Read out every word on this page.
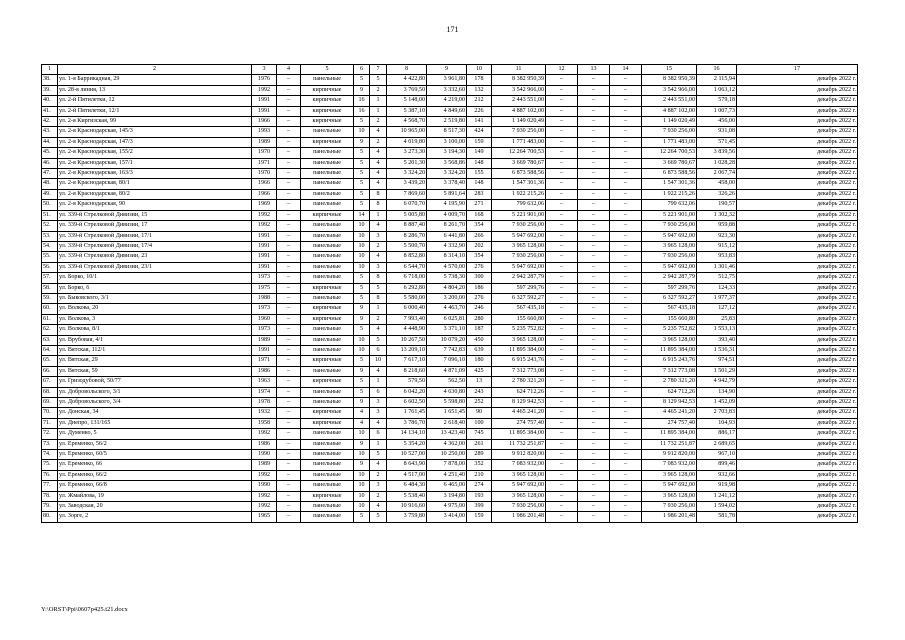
171
1	2	3	4	5	6	7	8	9	10	11	12	13	14	15	16	17
38.	ул. 1-я Баррикадная, 29	1976	–	панельные	5	5	4 422,80	3 961,80	178	8 382 950,39	–	–	–	8 382 950,39	2 115,94	декабрь 2022 г.
39.	ул. 28-я линия, 13	1992	–	кирпичные	9	2	3 769,50	3 332,60	132	3 542 966,00	–	–	–	3 542 966,00	1 063,12	декабрь 2022 г.
40.	ул. 2-й Пятилетки, 12	1991	–	кирпичные	16	1	5 148,00	4 219,00	212	2 443 551,00	–	–	–	2 443 551,00	579,18	декабрь 2022 г.
41.	ул. 2-й Пятилетки, 12/1	1991	–	кирпичные	16	1	5 387,10	4 849,60	226	4 887 102,00	–	–	–	4 887 102,00	1 007,73	декабрь 2022 г.
42.	ул. 2-я Киргизская, 99	1966	–	кирпичные	5	2	4 568,70	2 519,80	141	1 149 020,49	–	–	–	1 149 020,49	456,00	декабрь 2022 г.
43.	ул. 2-я Краснодарская, 145/3	1993	–	панельные	10	4	10 965,00	8 517,30	424	7 930 256,00	–	–	–	7 930 256,00	931,08	декабрь 2022 г.
44.	ул. 2-я Краснодарская, 147/3	1989	–	кирпичные	9	2	4 019,80	3 100,00	159	1 771 483,00	–	–	–	1 771 483,00	571,45	декабрь 2022 г.
45.	ул. 2-я Краснодарская, 155/2	1970	–	панельные	5	4	3 273,30	3 194,30	149	12 264 700,53	–	–	–	12 264 700,53	3 839,56	декабрь 2022 г.
46.	ул. 2-я Краснодарская, 157/1	1971	–	панельные	5	4	5 201,30	3 568,86	148	3 669 780,67	–	–	–	3 669 780,67	1 028,28	декабрь 2022 г.
47.	ул. 2-я Краснодарская, 163/3	1970	–	панельные	5	4	3 324,20	3 324,20	155	6 873 588,56	–	–	–	6 873 588,56	2 067,74	декабрь 2022 г.
48.	ул. 2-я Краснодарская, 80/1	1966	–	панельные	5	4	3 439,20	3 378,40	148	1 547 301,36	–	–	–	1 547 301,36	458,00	декабрь 2022 г.
49.	ул. 2-я Краснодарская, 80/2	1966	–	панельные	5	8	7 869,60	5 891,64	283	1 922 215,26	–	–	–	1 922 215,26	326,26	декабрь 2022 г.
50.	ул. 2-я Краснодарская, 90	1969	–	панельные	5	8	6 070,70	4 195,90	271	799 632,06	–	–	–	799 632,06	190,57	декабрь 2022 г.
51.	ул. 339-й Стрелковой Дивизии, 15	1992	–	кирпичные	14	1	5 005,80	4 009,70	168	5 221 901,00	–	–	–	5 221 901,00	1 302,32	декабрь 2022 г.
52.	ул. 339-й Стрелковой Дивизии, 17	1992	–	панельные	10	4	8 887,40	8 261,70	354	7 930 256,00	–	–	–	7 930 256,00	959,88	декабрь 2022 г.
53.	ул. 339-й Стрелковой Дивизии, 17/1	1991	–	панельные	10	3	8 286,70	6 441,80	266	5 947 692,00	–	–	–	5 947 692,00	923,30	декабрь 2022 г.
54.	ул. 339-й Стрелковой Дивизии, 17/4	1991	–	панельные	10	2	5 500,70	4 332,90	202	3 965 128,00	–	–	–	3 965 128,00	915,12	декабрь 2022 г.
55.	ул. 339-й Стрелковой Дивизии, 23	1991	–	панельные	10	4	8 852,80	8 314,10	354	7 930 256,00	–	–	–	7 930 256,00	953,83	декабрь 2022 г.
56.	ул. 339-й Стрелковой Дивизии, 23/1	1991	–	панельные	10	3	6 544,70	4 570,00	276	5 947 692,00	–	–	–	5 947 692,00	1 301,46	декабрь 2022 г.
57.	ул. Борко, 10/1	1973	–	панельные	5	8	6 718,00	5 738,30	300	2 942 287,79	–	–	–	2 942 287,79	512,75	декабрь 2022 г.
58.	ул. Борко, 6	1975	–	кирпичные	5	5	6 292,80	4 804,20	186	597 299,76	–	–	–	597 299,76	124,33	декабрь 2022 г.
59.	ул. Быковского, 3/1	1988	–	панельные	5	8	5 580,00	3 200,00	276	6 327 592,27	–	–	–	6 327 592,27	1 977,37	декабрь 2022 г.
60.	ул. Волкова, 20	1973	–	кирпичные	9	1	6 000,40	4 463,70	246	567 435,18	–	–	–	567 435,18	127,12	декабрь 2022 г.
61.	ул. Волкова, 3	1960	–	кирпичные	9	2	7 993,40	6 025,81	280	155 660,80	–	–	–	155 660,80	25,83	декабрь 2022 г.
62.	ул. Волкова, 8/1	1973	–	панельные	5	4	4 448,90	3 371,10	187	5 235 752,82	–	–	–	5 235 752,82	1 553,13	декабрь 2022 г.
63.	ул. Врубовая, 4/1	1989	–	панельные	10	5	10 267,50	10 079,20	450	3 965 128,00	–	–	–	3 965 128,00	393,40	декабрь 2022 г.
64.	ул. Вятская, 112/1	1991	–	панельные	10	6	13 209,10	7 742,83	639	11 895 384,00	–	–	–	11 895 384,00	1 536,31	декабрь 2022 г.
65.	ул. Вятская, 29	1971	–	кирпичные	5	10	7 617,10	7 096,10	180	6 915 243,76	–	–	–	6 915 243,76	974,51	декабрь 2022 г.
66.	ул. Вятская, 59	1986	–	панельные	9	4	8 218,60	4 871,09	425	7 312 773,08	–	–	–	7 312 773,08	1 501,29	декабрь 2022 г.
67.	ул. Гризодубовой, 50/77	1963	–	кирпичные	5	1	579,50	562,50	13	2 780 321,20	–	–	–	2 780 321,20	4 942,79	декабрь 2022 г.
68.	ул. Добровольского, 3/1	1974	–	панельные	5	6	6 042,20	4 630,80	243	624 712,26	–	–	–	624 712,26	134,90	декабрь 2022 г.
69.	ул. Добровольского, 3/4	1978	–	панельные	9	3	6 602,50	5 598,80	252	8 129 942,53	–	–	–	8 129 942,53	1 452,09	декабрь 2022 г.
70.	ул. Донская, 34	1932	–	кирпичные	4	3	1 761,45	1 651,45	90	4 465 241,20	–	–	–	4 465 241,20	2 703,83	декабрь 2022 г.
71.	ул. Днепро, 131/165	1958	–	кирпичные	4	4	3 786,70	2 618,40	100	274 757,40	–	–	–	274 757,40	104,93	декабрь 2022 г.
72.	ул. Думенко, 5	1992	–	панельные	10	6	14 134,10	13 423,40	745	11 895 384,00	–	–	–	11 895 384,00	886,17	декабрь 2022 г.
73.	ул. Еременко, 56/2	1986	–	панельные	9	1	5 354,20	4 362,00	261	11 732 251,87	–	–	–	11 732 251,87	2 689,65	декабрь 2022 г.
74.	ул. Еременко, 60/5	1990	–	панельные	10	5	10 527,00	10 250,00	289	9 912 820,00	–	–	–	9 912 820,00	967,10	декабрь 2022 г.
75.	ул. Еременко, 66	1989	–	панельные	9	4	8 643,90	7 878,00	352	7 083 932,00	–	–	–	7 083 932,00	899,46	декабрь 2022 г.
76.	ул. Еременко, 66/2	1992	–	панельные	10	2	4 517,00	4 251,40	210	3 965 128,00	–	–	–	3 965 128,00	932,66	декабрь 2022 г.
77.	ул. Еременко, 66/8	1990	–	панельные	10	3	6 484,30	6 465,00	274	5 947 692,00	–	–	–	5 947 692,00	919,98	декабрь 2022 г.
78.	ул. Жмайлова, 19	1992	–	кирпичные	10	2	5 538,40	3 194,80	193	3 965 128,00	–	–	–	3 965 128,00	1 241,12	декабрь 2022 г.
79.	ул. Заводская, 20	1992	–	панельные	10	4	10 916,60	4 975,00	399	7 930 256,00	–	–	–	7 930 256,00	1 594,02	декабрь 2022 г.
80.	ул. Зорге, 2	1965	–	панельные	5	5	3 759,80	3 414,00	159	1 986 201,48	–	–	–	1 986 201,48	581,78	декабрь 2022 г.
Y:\ORST\Ppi\0607p425.t21.docx
